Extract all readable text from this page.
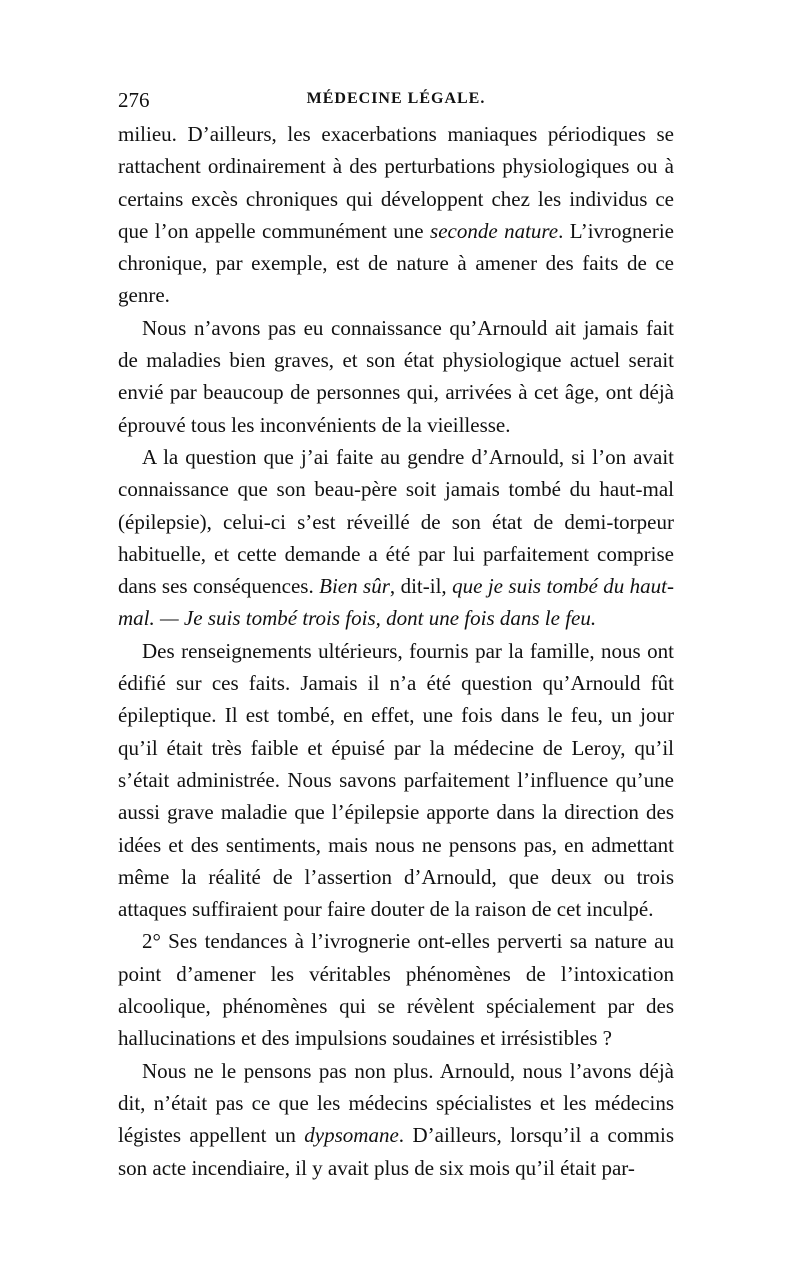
276	MÉDECINE LÉGALE.

milieu. D’ailleurs, les exacerbations maniaques périodiques se rattachent ordinairement à des perturbations physiologiques ou à certains excès chroniques qui développent chez les individus ce que l’on appelle communément une seconde nature. L’ivrognerie chronique, par exemple, est de nature à amener des faits de ce genre.

Nous n’avons pas eu connaissance qu’Arnould ait jamais fait de maladies bien graves, et son état physiologique actuel serait envié par beaucoup de personnes qui, arrivées à cet âge, ont déjà éprouvé tous les inconvénients de la vieillesse.

A la question que j’ai faite au gendre d’Arnould, si l’on avait connaissance que son beau-père soit jamais tombé du haut-mal (épilepsie), celui-ci s’est réveillé de son état de demi-torpeur habituelle, et cette demande a été par lui parfaitement comprise dans ses conséquences. Bien sûr, dit-il, que je suis tombé du haut-mal. — Je suis tombé trois fois, dont une fois dans le feu.

Des renseignements ultérieurs, fournis par la famille, nous ont édifié sur ces faits. Jamais il n’a été question qu’Arnould fût épileptique. Il est tombé, en effet, une fois dans le feu, un jour qu’il était très faible et épuisé par la médecine de Leroy, qu’il s’était administrée. Nous savons parfaitement l’influence qu’une aussi grave maladie que l’épilepsie apporte dans la direction des idées et des sentiments, mais nous ne pensons pas, en admettant même la réalité de l’assertion d’Arnould, que deux ou trois attaques suffiraient pour faire douter de la raison de cet inculpé.

2° Ses tendances à l’ivrognerie ont-elles perverti sa nature au point d’amener les véritables phénomènes de l’intoxication alcoolique, phénomènes qui se révèlent spécialement par des hallucinations et des impulsions soudaines et irrésistibles ?

Nous ne le pensons pas non plus. Arnould, nous l’avons déjà dit, n’était pas ce que les médecins spécialistes et les médecins légistes appellent un dypsomane. D’ailleurs, lorsqu’il a commis son acte incendiaire, il y avait plus de six mois qu’il était par-
